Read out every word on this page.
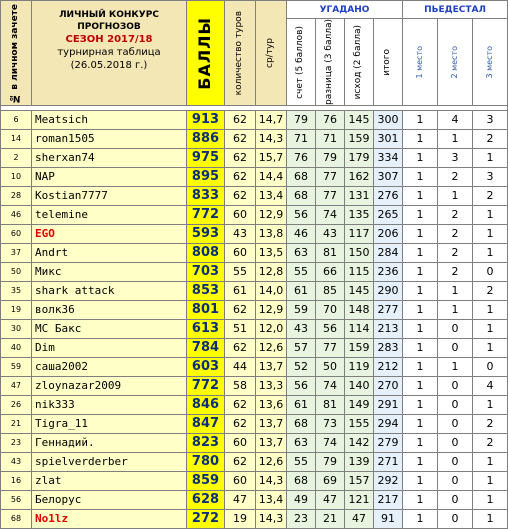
№ в личном зачете	ЛИЧНЫЙ КОНКУРС
ПРОГНОЗОВ
СЕЗОН 2017/18
турнирная таблица
(26.05.2018 г.)	БАЛЛЫ	количество туров	ср/тур	УГАДАНО				ПЬЕДЕСТАЛ		

					счет (5 баллов)	разница (3 балла)	исход (2 балла)	итого	1 место	2 место	3 место

6	Meatsich	913	62	14,7	79	76	145	300	1	4	3
14	roman1505	886	62	14,3	71	71	159	301	1	1	2
2	sherxan74	975	62	15,7	76	79	179	334	1	3	1
10	NAP	895	62	14,4	68	77	162	307	1	2	3
28	Kostian7777	833	62	13,4	68	77	131	276	1	1	2
46	telemine	772	60	12,9	56	74	135	265	1	2	1
60	EGO	593	43	13,8	46	43	117	206	1	2	1
37	Andrt	808	60	13,5	63	81	150	284	1	2	1
50	Микс	703	55	12,8	55	66	115	236	1	2	0
35	shark attack	853	61	14,0	61	85	145	290	1	1	2
19	волк36	801	62	12,9	59	70	148	277	1	1	1
30	MC Бакс	613	51	12,0	43	56	114	213	1	0	1
40	Dim	784	62	12,6	57	77	159	283	1	0	1
59	саша2002	603	44	13,7	52	50	119	212	1	1	0
47	zloynazar2009	772	58	13,3	56	74	140	270	1	0	4
26	nik333	846	62	13,6	61	81	149	291	1	0	1
21	Tigra_11	847	62	13,7	68	73	155	294	1	0	2
23	Геннадий.	823	60	13,7	63	74	142	279	1	0	2
43	spielverderber	780	62	12,6	55	79	139	271	1	0	1
16	zlat	859	60	14,3	68	69	157	292	1	0	1
56	Белорус	628	47	13,4	49	47	121	217	1	0	1
68	No1lz	272	19	14,3	23	21	47	91	1	0	1
